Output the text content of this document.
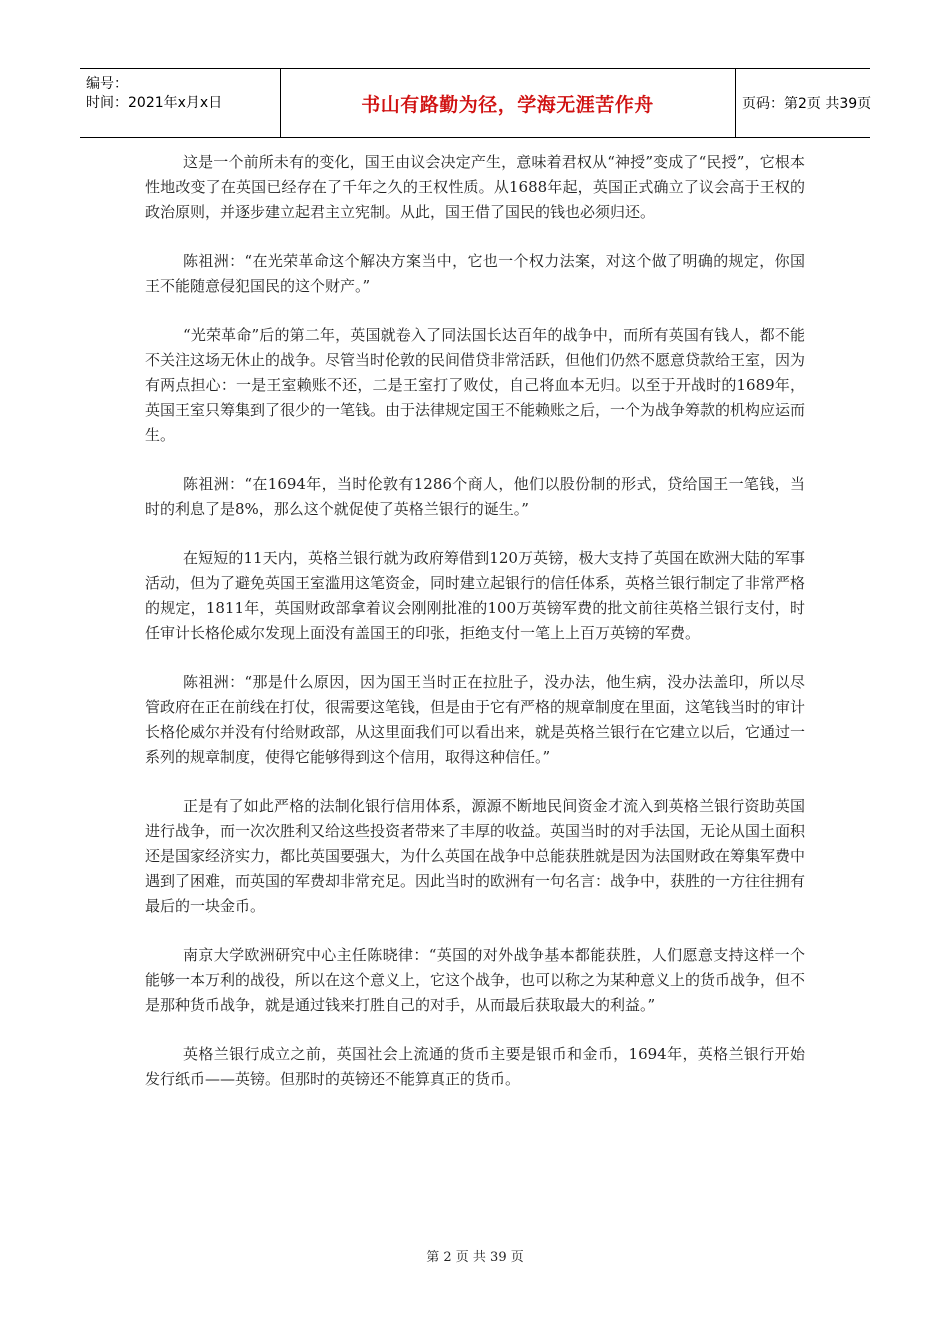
编号：
时间：2021年x月x日	书山有路勤为径，学海无涯苦作舟	页码：第2页 共39页

这是一个前所未有的变化，国王由议会决定产生，意味着君权从“神授”变成了“民授”，它根本性地改变了在英国已经存在了千年之久的王权性质。从1688年起，英国正式确立了议会高于王权的政治原则，并逐步建立起君主立宪制。从此，国王借了国民的钱也必须归还。

陈祖洲：“在光荣革命这个解决方案当中，它也一个权力法案，对这个做了明确的规定，你国王不能随意侵犯国民的这个财产。”

“光荣革命”后的第二年，英国就卷入了同法国长达百年的战争中，而所有英国有钱人，都不能不关注这场无休止的战争。尽管当时伦敦的民间借贷非常活跃，但他们仍然不愿意贷款给王室，因为有两点担心：一是王室赖账不还，二是王室打了败仗，自己将血本无归。以至于开战时的1689年，英国王室只筹集到了很少的一笔钱。由于法律规定国王不能赖账之后，一个为战争筹款的机构应运而生。

陈祖洲：“在1694年，当时伦敦有1286个商人，他们以股份制的形式，贷给国王一笔钱，当时的利息了是8%，那么这个就促使了英格兰银行的诞生。”

在短短的11天内，英格兰银行就为政府筹借到120万英镑，极大支持了英国在欧洲大陆的军事活动，但为了避免英国王室滥用这笔资金，同时建立起银行的信任体系，英格兰银行制定了非常严格的规定，1811年，英国财政部拿着议会刚刚批准的100万英镑军费的批文前往英格兰银行支付，时任审计长格伦威尔发现上面没有盖国王的印张，拒绝支付一笔上上百万英镑的军费。

陈祖洲：“那是什么原因，因为国王当时正在拉肚子，没办法，他生病，没办法盖印，所以尽管政府在正在前线在打仗，很需要这笔钱，但是由于它有严格的规章制度在里面，这笔钱当时的审计长格伦威尔并没有付给财政部，从这里面我们可以看出来，就是英格兰银行在它建立以后，它通过一系列的规章制度，使得它能够得到这个信用，取得这种信任。”

正是有了如此严格的法制化银行信用体系，源源不断地民间资金才流入到英格兰银行资助英国进行战争，而一次次胜利又给这些投资者带来了丰厚的收益。英国当时的对手法国，无论从国土面积还是国家经济实力，都比英国要强大，为什么英国在战争中总能获胜就是因为法国财政在筹集军费中遇到了困难，而英国的军费却非常充足。因此当时的欧洲有一句名言：战争中，获胜的一方往往拥有最后的一块金币。

南京大学欧洲研究中心主任陈晓律：“英国的对外战争基本都能获胜，人们愿意支持这样一个能够一本万利的战役，所以在这个意义上，它这个战争，也可以称之为某种意义上的货币战争，但不是那种货币战争，就是通过钱来打胜自己的对手，从而最后获取最大的利益。”

英格兰银行成立之前，英国社会上流通的货币主要是银币和金币，1694年，英格兰银行开始发行纸币——英镑。但那时的英镑还不能算真正的货币。

第 2 页 共 39 页
